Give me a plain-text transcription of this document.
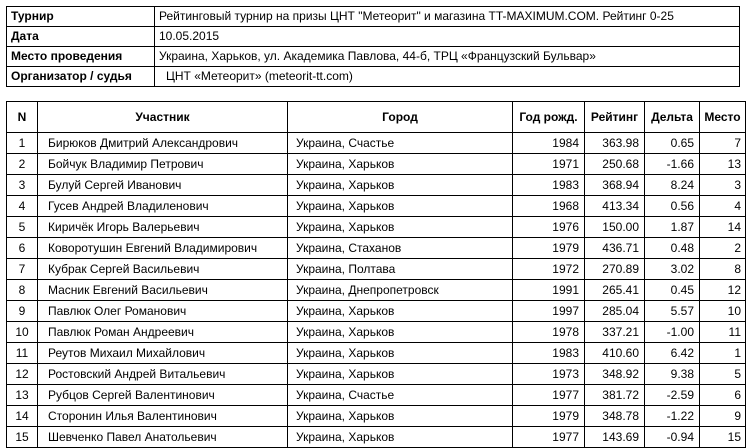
Турнир	Рейтинговый турнир на призы ЦНТ "Метеорит" и магазина TT-MAXIMUM.COM. Рейтинг 0-25
Дата	10.05.2015
Место проведения	Украина, Харьков, ул. Академика Павлова, 44-б, ТРЦ «Французский Бульвар»
Организатор / судья	ЦНТ «Метеорит» (meteorit-tt.com)
N	Участник	Город	Год рожд.	Рейтинг	Дельта	Место
1	Бирюков Дмитрий Александрович	Украина, Счастье	1984	363.98	0.65	7
2	Бойчук Владимир Петрович	Украина, Харьков	1971	250.68	-1.66	13
3	Булуй Сергей Иванович	Украина, Харьков	1983	368.94	8.24	3
4	Гусев Андрей Владиленович	Украина, Харьков	1968	413.34	0.56	4
5	Киричёк Игорь Валерьевич	Украина, Харьков	1976	150.00	1.87	14
6	Коворотушин Евгений Владимирович	Украина, Стаханов	1979	436.71	0.48	2
7	Кубрак Сергей Васильевич	Украина, Полтава	1972	270.89	3.02	8
8	Масник Евгений Васильевич	Украина, Днепропетровск	1991	265.41	0.45	12
9	Павлюк Олег Романович	Украина, Харьков	1997	285.04	5.57	10
10	Павлюк Роман Андреевич	Украина, Харьков	1978	337.21	-1.00	11
11	Реутов Михаил Михайлович	Украина, Харьков	1983	410.60	6.42	1
12	Ростовский Андрей Витальевич	Украина, Харьков	1973	348.92	9.38	5
13	Рубцов Сергей Валентинович	Украина, Счастье	1977	381.72	-2.59	6
14	Сторонин Илья Валентинович	Украина, Харьков	1979	348.78	-1.22	9
15	Шевченко Павел Анатольевич	Украина, Харьков	1977	143.69	-0.94	15
